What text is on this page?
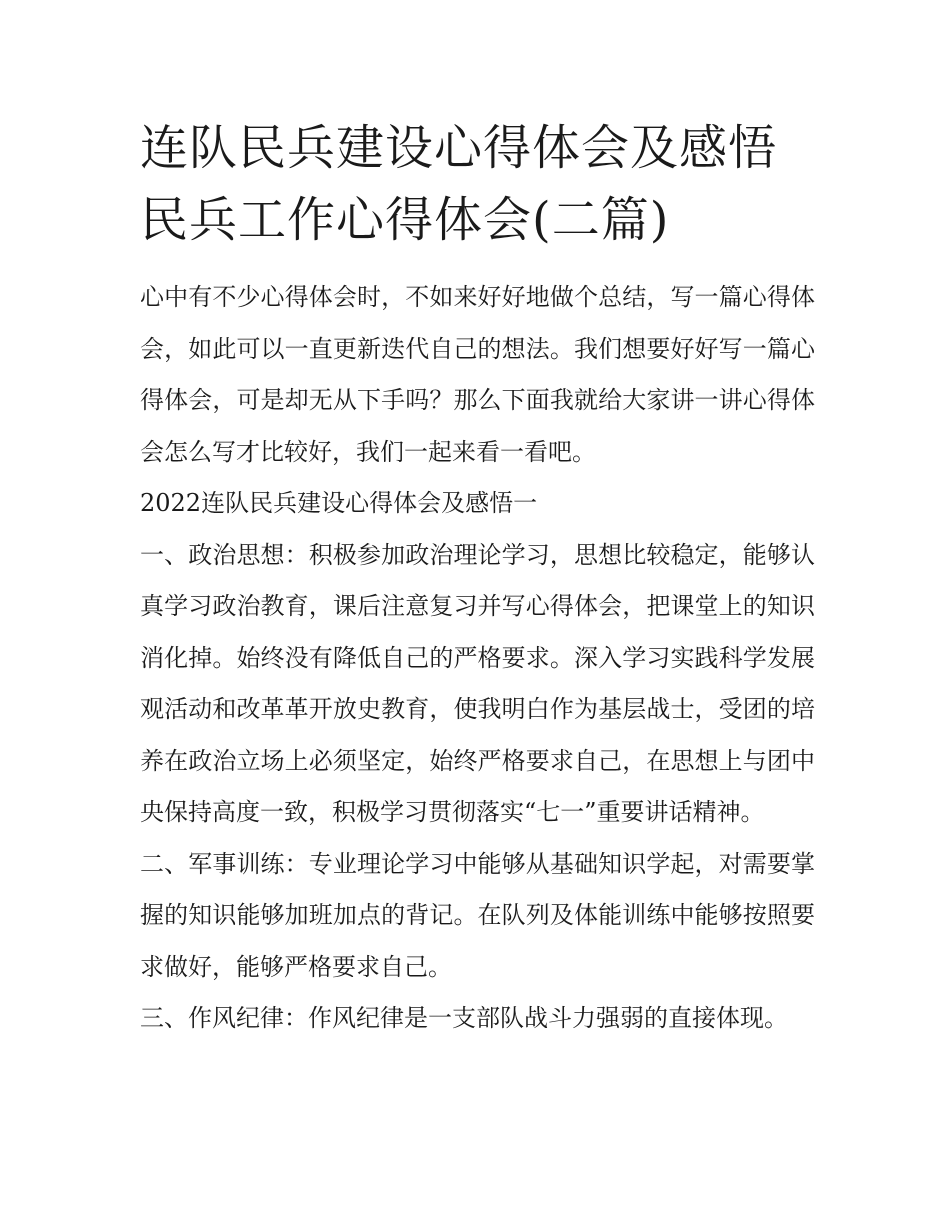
连队民兵建设心得体会及感悟
民兵工作心得体会(二篇)

心中有不少心得体会时，不如来好好地做个总结，写一篇心得体会，如此可以一直更新迭代自己的想法。我们想要好好写一篇心得体会，可是却无从下手吗？那么下面我就给大家讲一讲心得体会怎么写才比较好，我们一起来看一看吧。

2022连队民兵建设心得体会及感悟一

一、政治思想：积极参加政治理论学习，思想比较稳定，能够认真学习政治教育，课后注意复习并写心得体会，把课堂上的知识消化掉。始终没有降低自己的严格要求。深入学习实践科学发展观活动和改革革开放史教育，使我明白作为基层战士，受团的培养在政治立场上必须坚定，始终严格要求自己，在思想上与团中央保持高度一致，积极学习贯彻落实“七一”重要讲话精神。

二、军事训练：专业理论学习中能够从基础知识学起，对需要掌握的知识能够加班加点的背记。在队列及体能训练中能够按照要求做好，能够严格要求自己。

三、作风纪律：作风纪律是一支部队战斗力强弱的直接体现。
